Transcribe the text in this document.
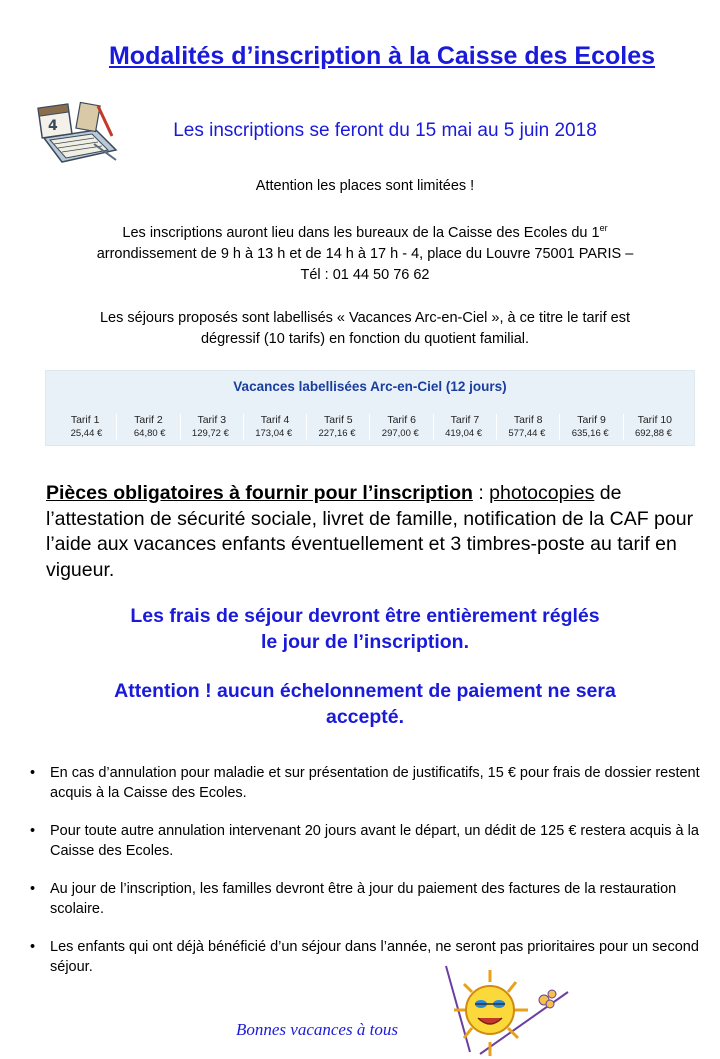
Modalités d’inscription à la Caisse des Ecoles
4	Les inscriptions se feront du 15 mai au 5 juin 2018
Attention les places sont limitées !
Les inscriptions auront lieu dans les bureaux de la Caisse des Ecoles du 1er
arrondissement de 9 h à 13 h et de 14 h à 17 h - 4, place du Louvre 75001 PARIS –
Tél : 01 44 50 76 62
Les séjours proposés sont labellisés « Vacances Arc-en-Ciel », à ce titre le tarif est
dégressif (10 tarifs) en fonction du quotient familial.
Vacances labellisées Arc-en-Ciel (12 jours)
Tarif 1
25,44 €
Tarif 2
64,80 €
Tarif 3
129,72 €
Tarif 4
173,04 €
Tarif 5
227,16 €
Tarif 6
297,00 €
Tarif 7
419,04 €
Tarif 8
577,44 €
Tarif 9
635,16 €
Tarif 10
692,88 €
Pièces obligatoires à fournir pour l’inscription : photocopies de l’attestation de sécurité sociale, livret de famille, notification de la CAF pour l’aide aux vacances enfants éventuellement et 3 timbres-poste au tarif en vigueur.
Les frais de séjour devront être entièrement réglés
le jour de l’inscription.
Attention ! aucun échelonnement de paiement ne sera
accepté.
• En cas d’annulation pour maladie et sur présentation de justificatifs, 15 € pour frais de dossier restent acquis à la Caisse des Ecoles.
• Pour toute autre annulation intervenant 20 jours avant le départ, un dédit de 125 € restera acquis à la Caisse des Ecoles.
• Au jour de l’inscription, les familles devront être à jour du paiement des factures de la restauration scolaire.
• Les enfants qui ont déjà bénéficié d’un séjour dans l’année, ne seront pas prioritaires pour un second séjour.
Bonnes vacances à tous
